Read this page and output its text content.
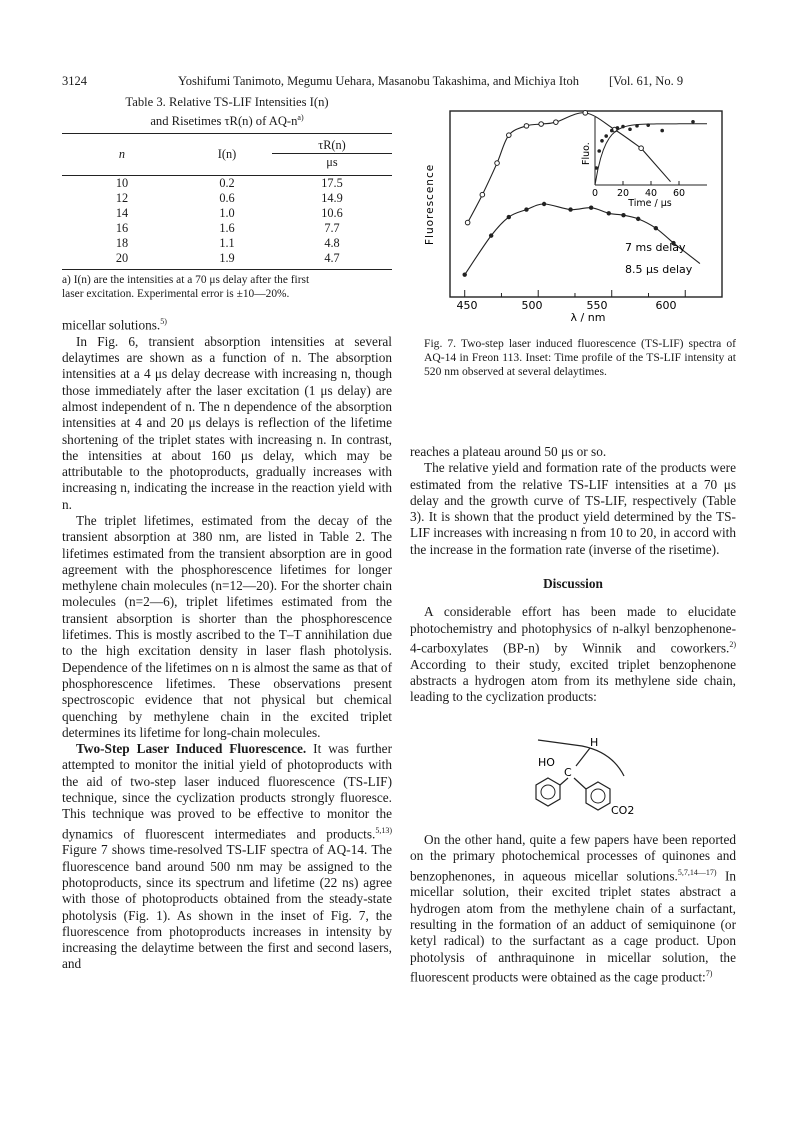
3124	Yoshifumi Tanimoto, Megumu Uehara, Masanobu Takashima, and Michiya Itoh [Vol. 61, No. 9
Table 3. Relative TS-LIF Intensities I(n)
and Risetimes τR(n) of $AQ-n^{a)}$
n	I(n)	τR(n)
		μs

10	0.2	17.5
12	0.6	14.9
14	1.0	10.6
16	1.6	7.7
18	1.1	4.8
20	1.9	4.7
a) I(n) are the intensities at a 70 μs delay after the first
laser excitation. Experimental error is ±10—20%.

micellar solutions.$^{5)}$

In Fig. 6, transient absorption intensities at several delaytimes are shown as a function of n. The absorption intensities at a 4 μs delay decrease with increasing n, though those immediately after the laser excitation (1 μs delay) are almost independent of n. The n dependence of the absorption intensities at 4 and 20 μs delays is reflection of the lifetime shortening of the triplet states with increasing n. In contrast, the intensities at about 160 μs delay, which may be attributable to the photoproducts, gradually increases with increasing n, indicating the increase in the reaction yield with n.

The triplet lifetimes, estimated from the decay of the transient absorption at 380 nm, are listed in Table 2. The lifetimes estimated from the transient absorption are in good agreement with the phosphorescence lifetimes for longer methylene chain molecules (n=12—20). For the shorter chain molecules (n=2—6), triplet lifetimes estimated from the transient absorption is shorter than the phosphorescence lifetimes. This is mostly ascribed to the T–T annihilation due to the high excitation density in laser flash photolysis. Dependence of the lifetimes on n is almost the same as that of phosphorescence lifetimes. These observations present spectroscopic evidence that not physical but chemical quenching by methylene chain in the excited triplet determines its lifetime for long-chain molecules.

Two-Step Laser Induced Fluorescence. It was further attempted to monitor the initial yield of photoproducts with the aid of two-step laser induced fluorescence (TS-LIF) technique, since the cyclization products strongly fluoresce. This technique was proved to be effective to monitor the dynamics of fluorescent intermediates and products.$^{5,13)}$ Figure 7 shows time-resolved TS-LIF spectra of AQ-14. The fluorescence band around 500 nm may be assigned to the photoproducts, since its spectrum and lifetime (22 ns) agree with those of photoproducts obtained from the steady-state photolysis (Fig. 1). As shown in the inset of Fig. 7, the fluorescence from photoproducts increases in intensity by increasing the delaytime between the first and second lasers, and

Fluorescence
λ / nm
450	500	550	600
7 ms delay
8.5 μs delay
Fluo.
Time / μs
0 20 40 60
Fig. 7. Two-step laser induced fluorescence (TS-LIF) spectra of AQ-14 in Freon 113. Inset: Time profile of the TS-LIF intensity at 520 nm observed at several delaytimes.

reaches a plateau around 50 μs or so.

The relative yield and formation rate of the products were estimated from the relative TS-LIF intensities at a 70 μs delay and the growth curve of TS-LIF, respectively (Table 3). It is shown that the product yield determined by the TS-LIF increases with increasing n from 10 to 20, in accord with the increase in the formation rate (inverse of the risetime).

Discussion

A considerable effort has been made to elucidate photochemistry and photophysics of n-alkyl benzophenone-4-carboxylates (BP-n) by Winnik and coworkers.$^{2)}$ According to their study, excited triplet benzophenone abstracts a hydrogen atom from its methylene side chain, leading to the cyclization products:

H
HO
C
CO2

On the other hand, quite a few papers have been reported on the primary photochemical processes of quinones and benzophenones, in aqueous micellar solutions.$^{5,7,14—17)}$ In micellar solution, their excited triplet states abstract a hydrogen atom from the methylene chain of a surfactant, resulting in the formation of an adduct of semiquinone (or ketyl radical) to the surfactant as a cage product. Upon photolysis of anthraquinone in micellar solution, the fluorescent products were obtained as the cage product:$^{7)}$
